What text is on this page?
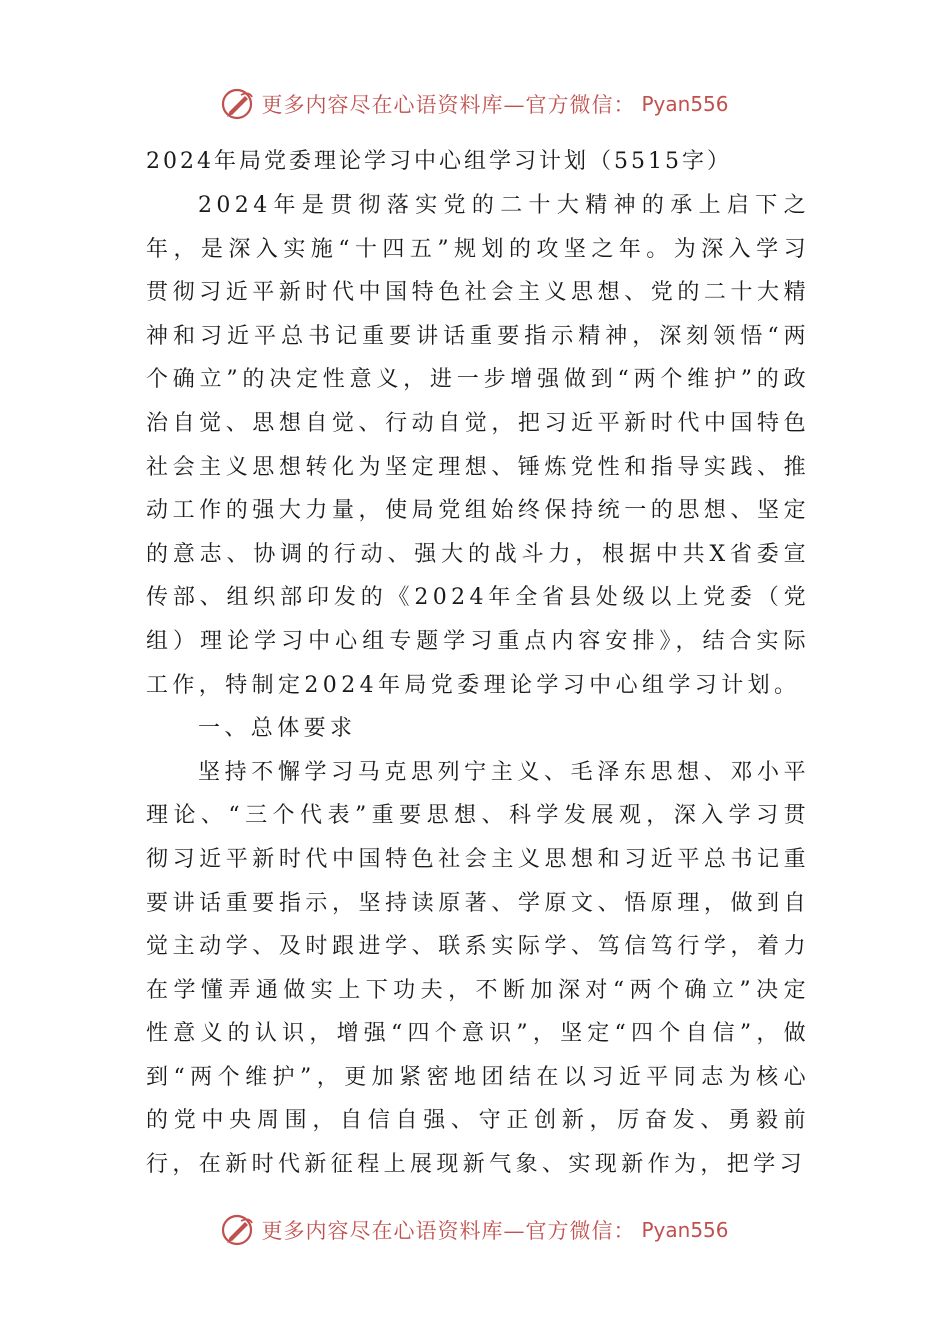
更多内容尽在心语资料库—官方微信： Pyan556
2024年局党委理论学习中心组学习计划（5515字）

2024年是贯彻落实党的二十大精神的承上启下之年，是深入实施“十四五”规划的攻坚之年。为深入学习贯彻习近平新时代中国特色社会主义思想、党的二十大精神和习近平总书记重要讲话重要指示精神，深刻领悟“两个确立”的决定性意义，进一步增强做到“两个维护”的政治自觉、思想自觉、行动自觉，把习近平新时代中国特色社会主义思想转化为坚定理想、锤炼党性和指导实践、推动工作的强大力量，使局党组始终保持统一的思想、坚定的意志、协调的行动、强大的战斗力，根据中共X省委宣传部、组织部印发的《2024年全省县处级以上党委（党组）理论学习中心组专题学习重点内容安排》，结合实际工作，特制定2024年局党委理论学习中心组学习计划。

一、总体要求

坚持不懈学习马克思列宁主义、毛泽东思想、邓小平理论、“三个代表”重要思想、科学发展观，深入学习贯彻习近平新时代中国特色社会主义思想和习近平总书记重要讲话重要指示，坚持读原著、学原文、悟原理，做到自觉主动学、及时跟进学、联系实际学、笃信笃行学，着力在学懂弄通做实上下功夫，不断加深对“两个确立”决定性意义的认识，增强“四个意识”，坚定“四个自信”，做到“两个维护”，更加紧密地团结在以习近平同志为核心的党中央周围，自信自强、守正创新，厉奋发、勇毅前行，在新时代新征程上展现新气象、实现新作为，把学习

更多内容尽在心语资料库—官方微信： Pyan556
